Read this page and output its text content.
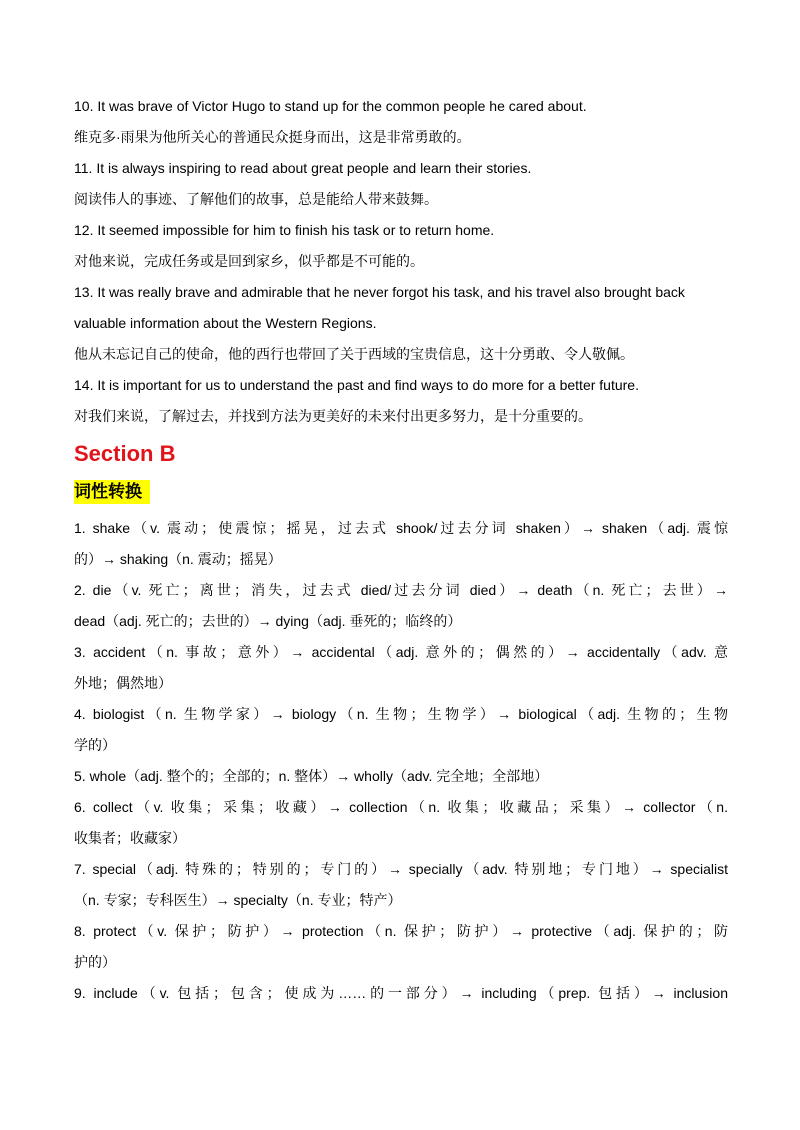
10. It was brave of Victor Hugo to stand up for the common people he cared about.
维克多·雨果为他所关心的普通民众挺身而出，这是非常勇敢的。
11. It is always inspiring to read about great people and learn their stories.
阅读伟人的事迹、了解他们的故事，总是能给人带来鼓舞。
12. It seemed impossible for him to finish his task or to return home.
对他来说，完成任务或是回到家乡，似乎都是不可能的。
13. It was really brave and admirable that he never forgot his task, and his travel also brought back
valuable information about the Western Regions.
他从未忘记自己的使命，他的西行也带回了关于西域的宝贵信息，这十分勇敢、令人敬佩。
14. It is important for us to understand the past and find ways to do more for a better future.
对我们来说，了解过去，并找到方法为更美好的未来付出更多努力，是十分重要的。
Section B
词性转换
1. shake（v. 震动；使震惊；摇晃，过去式 shook/过去分词 shaken）→ shaken（adj. 震惊
的）→ shaking（n. 震动；摇晃）
2. die（v. 死亡；离世；消失，过去式 died/过去分词 died）→ death（n. 死亡；去世）→
dead（adj. 死亡的；去世的）→ dying（adj. 垂死的；临终的）
3. accident（n. 事故；意外）→ accidental（adj. 意外的；偶然的）→ accidentally（adv. 意
外地；偶然地）
4. biologist（n. 生物学家）→ biology（n. 生物；生物学）→ biological（adj. 生物的；生物
学的）
5. whole（adj. 整个的；全部的；n. 整体）→ wholly（adv. 完全地；全部地）
6. collect（v. 收集；采集；收藏）→ collection（n. 收集；收藏品；采集）→ collector（n.
收集者；收藏家）
7. special（adj. 特殊的；特别的；专门的）→ specially（adv. 特别地；专门地）→ specialist
（n. 专家；专科医生）→ specialty（n. 专业；特产）
8. protect（v. 保护；防护）→ protection（n. 保护；防护）→ protective（adj. 保护的；防
护的）
9. include（v. 包括；包含；使成为……的一部分）→ including（prep. 包括）→ inclusion
